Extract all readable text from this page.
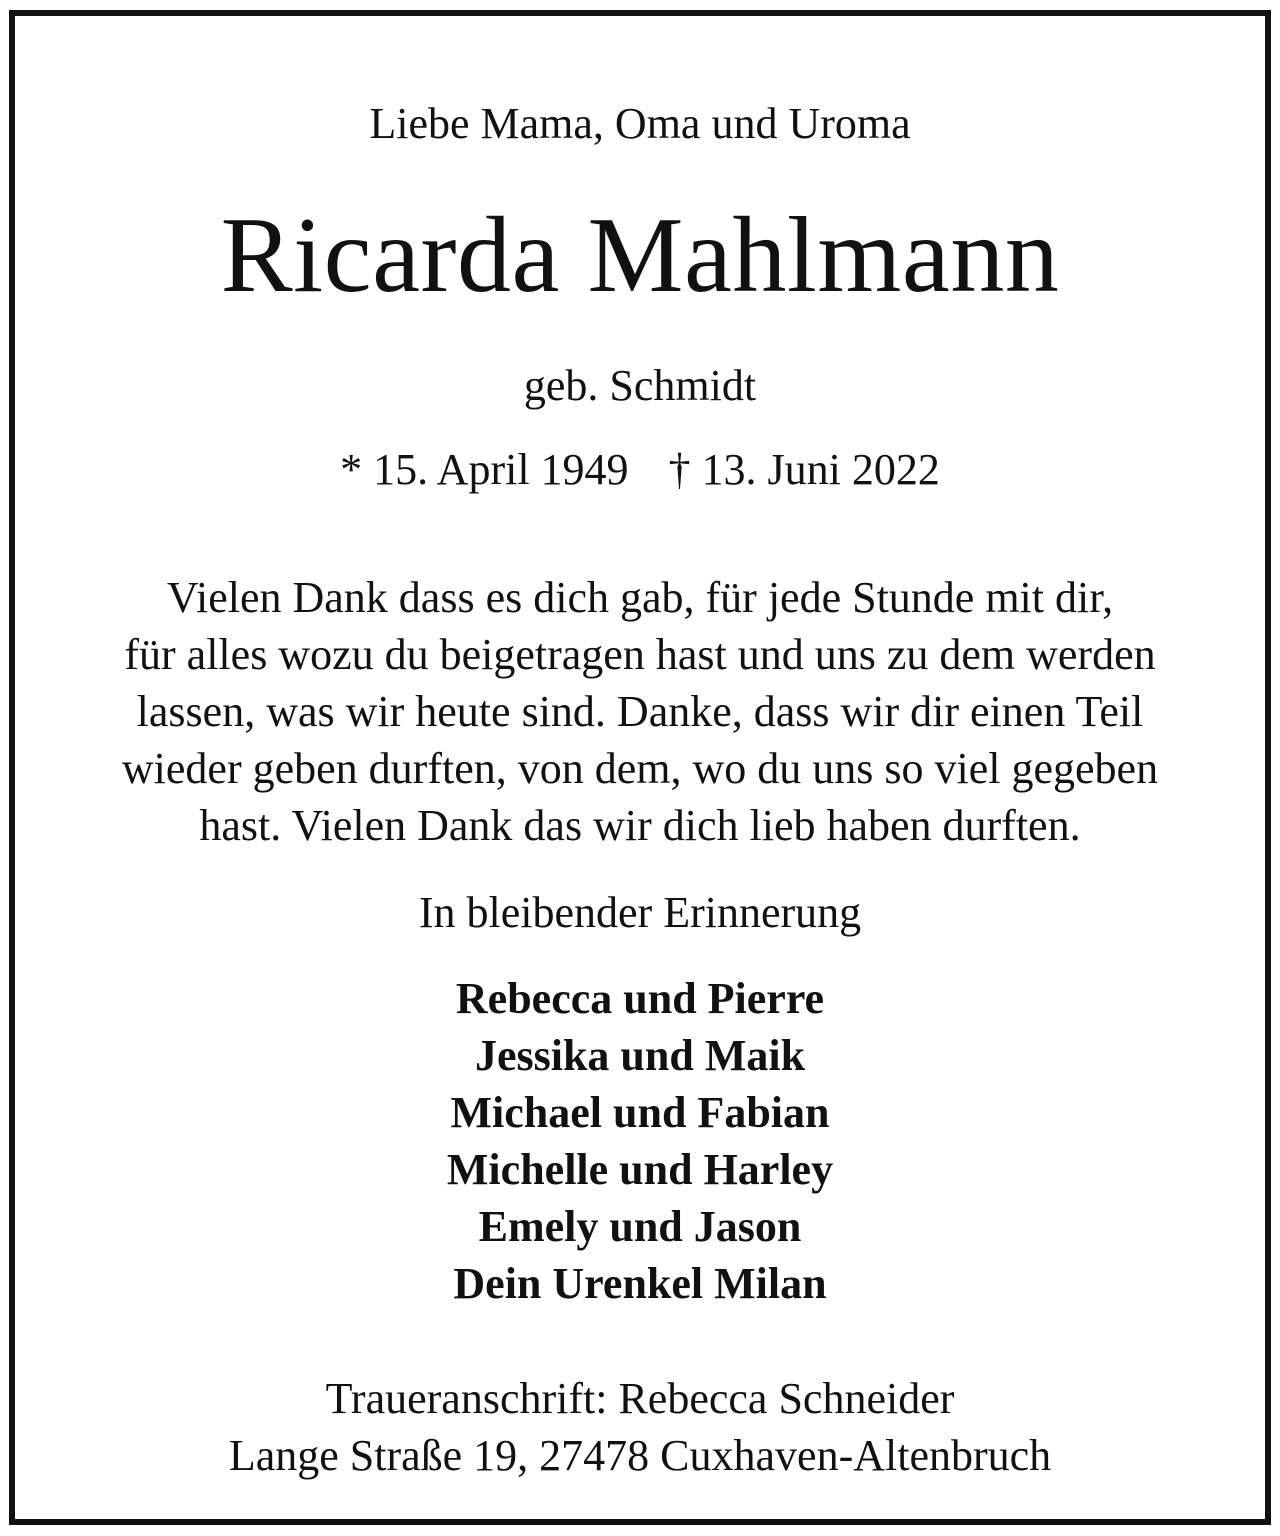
Liebe Mama, Oma und Uroma
Ricarda Mahlmann
geb. Schmidt
* 15. April 1949 † 13. Juni 2022
Vielen Dank dass es dich gab, für jede Stunde mit dir,
für alles wozu du beigetragen hast und uns zu dem werden
lassen, was wir heute sind. Danke, dass wir dir einen Teil
wieder geben durften, von dem, wo du uns so viel gegeben
hast. Vielen Dank das wir dich lieb haben durften.
In bleibender Erinnerung
Rebecca und Pierre
Jessika und Maik
Michael und Fabian
Michelle und Harley
Emely und Jason
Dein Urenkel Milan
Traueranschrift: Rebecca Schneider
Lange Straße 19, 27478 Cuxhaven-Altenbruch
